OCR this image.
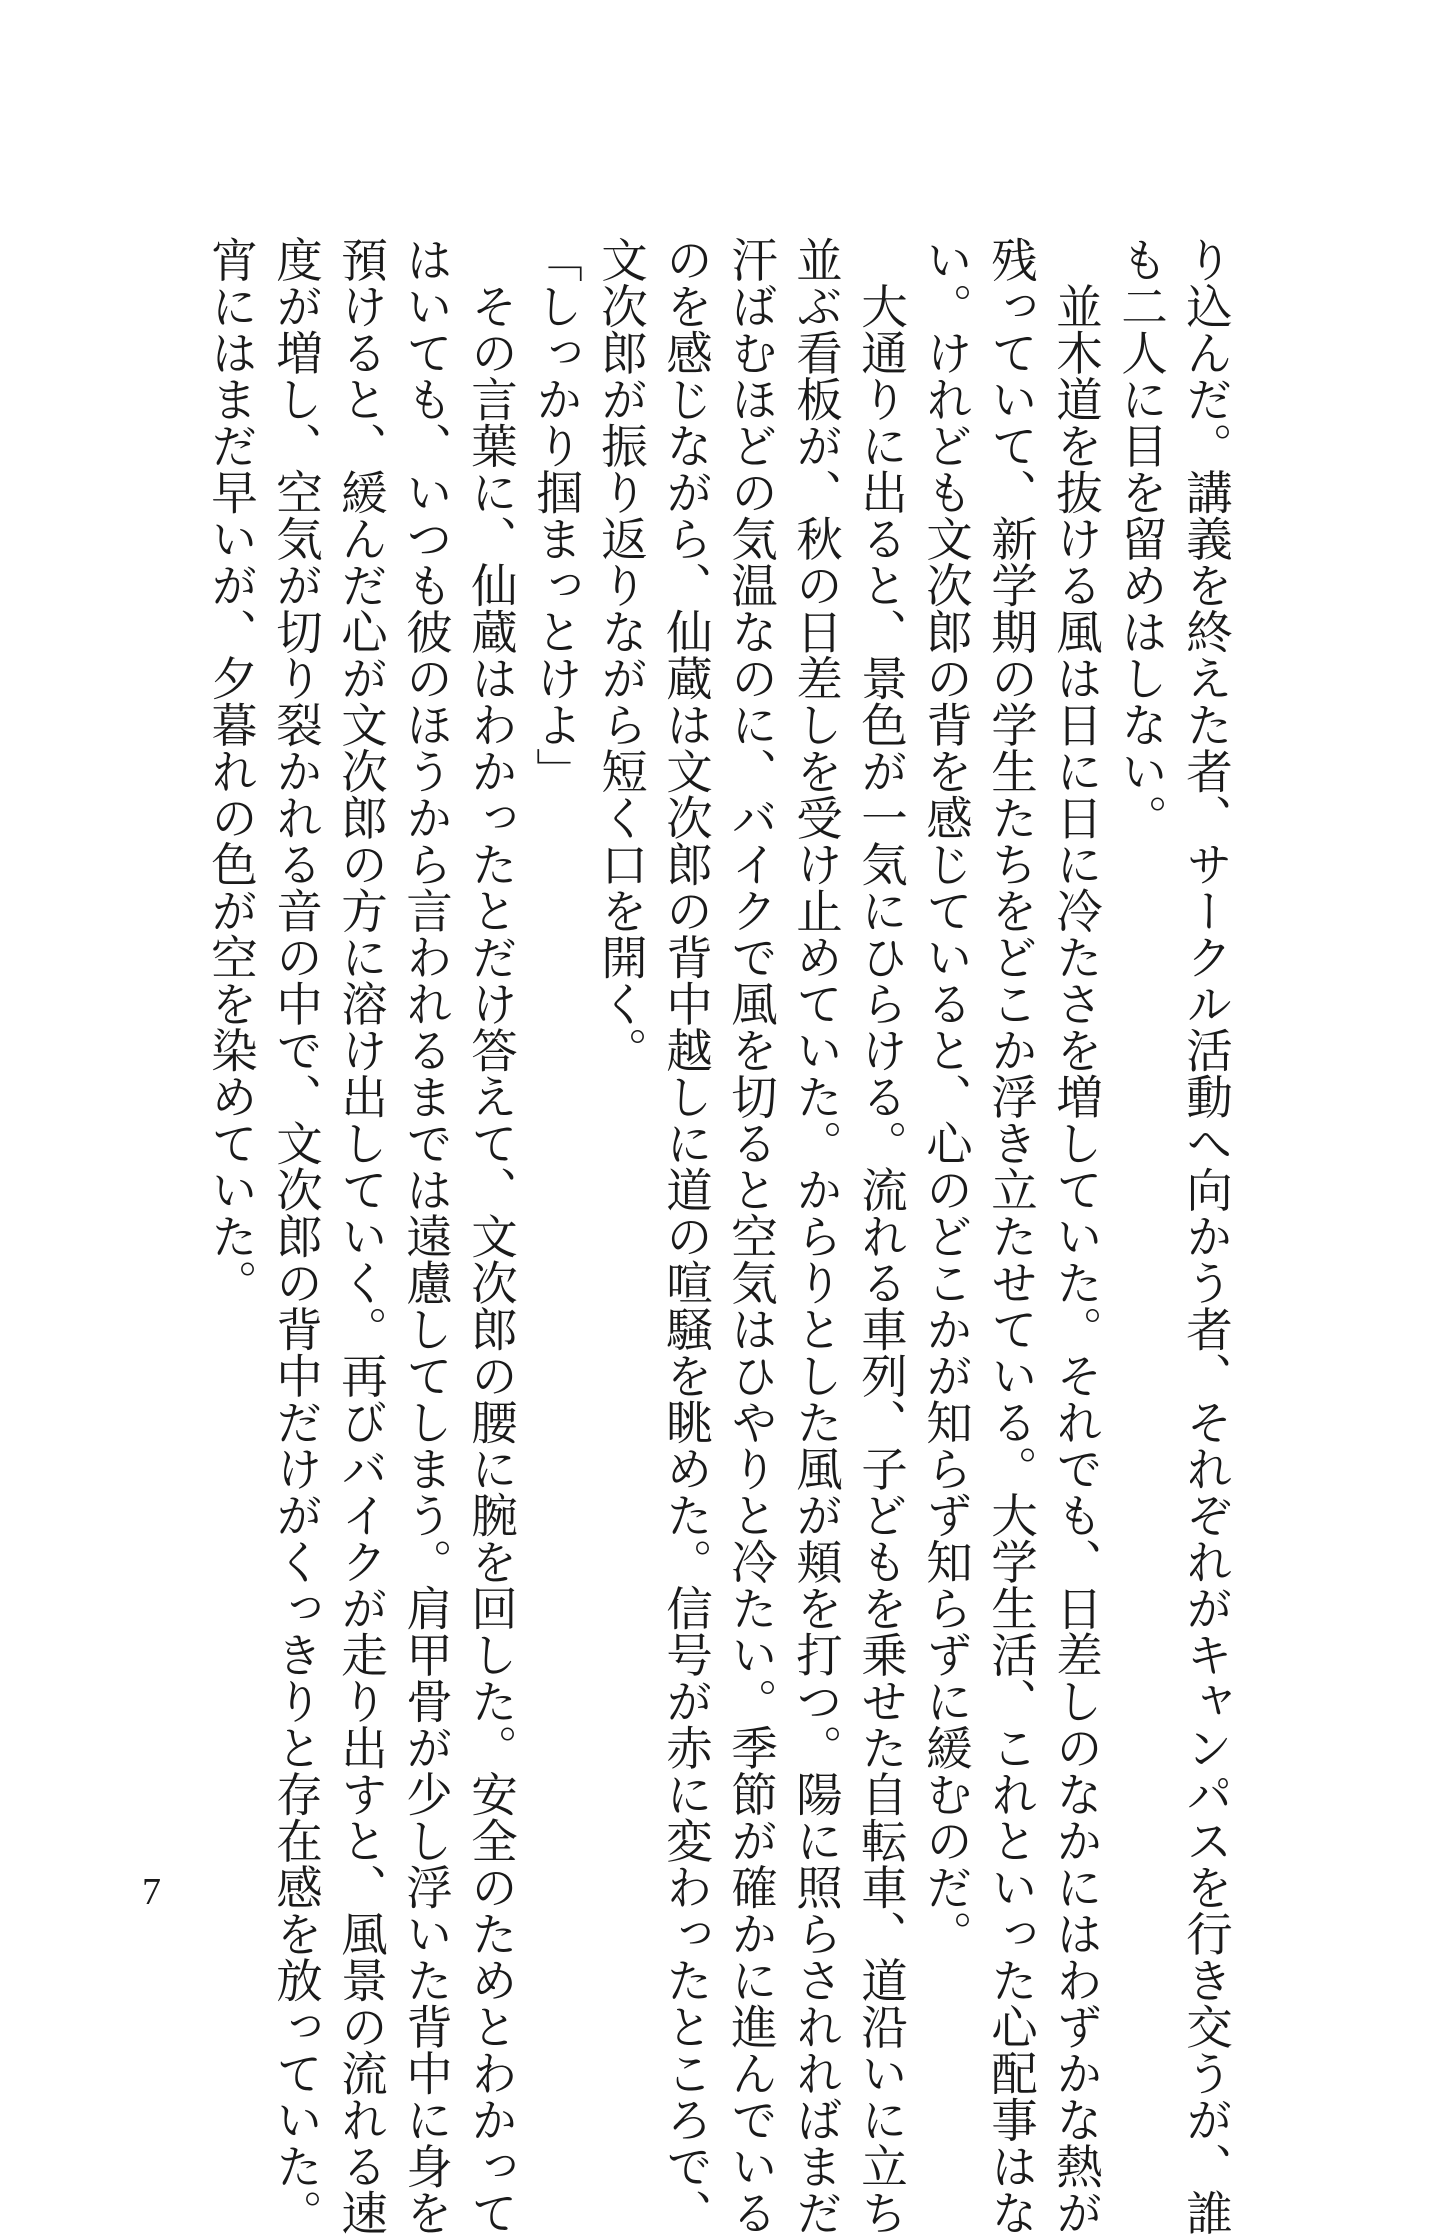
り込んだ。講義を終えた者、サークル活動へ向かう者、それぞれがキャンパスを行き交うが、誰

も二人に目を留めはしない。

　並木道を抜ける風は日に日に冷たさを増していた。それでも、日差しのなかにはわずかな熱が

残っていて、新学期の学生たちをどこか浮き立たせている。大学生活、これといった心配事はな

い。けれども文次郎の背を感じていると、心のどこかが知らず知らずに緩むのだ。

　大通りに出ると、景色が一気にひらける。流れる車列、子どもを乗せた自転車、道沿いに立ち

並ぶ看板が、秋の日差しを受け止めていた。からりとした風が頬を打つ。陽に照らされればまだ

汗ばむほどの気温なのに、バイクで風を切ると空気はひやりと冷たい。季節が確かに進んでいる

のを感じながら、仙蔵は文次郎の背中越しに道の喧騒を眺めた。信号が赤に変わったところで、

文次郎が振り返りながら短く口を開く。

「しっかり掴まっとけよ」

　その言葉に、仙蔵はわかったとだけ答えて、文次郎の腰に腕を回した。安全のためとわかって

はいても、いつも彼のほうから言われるまでは遠慮してしまう。肩甲骨が少し浮いた背中に身を

預けると、緩んだ心が文次郎の方に溶け出していく。再びバイクが走り出すと、風景の流れる速

度が増し、空気が切り裂かれる音の中で、文次郎の背中だけがくっきりと存在感を放っていた。

宵にはまだ早いが、夕暮れの色が空を染めていた。

7
